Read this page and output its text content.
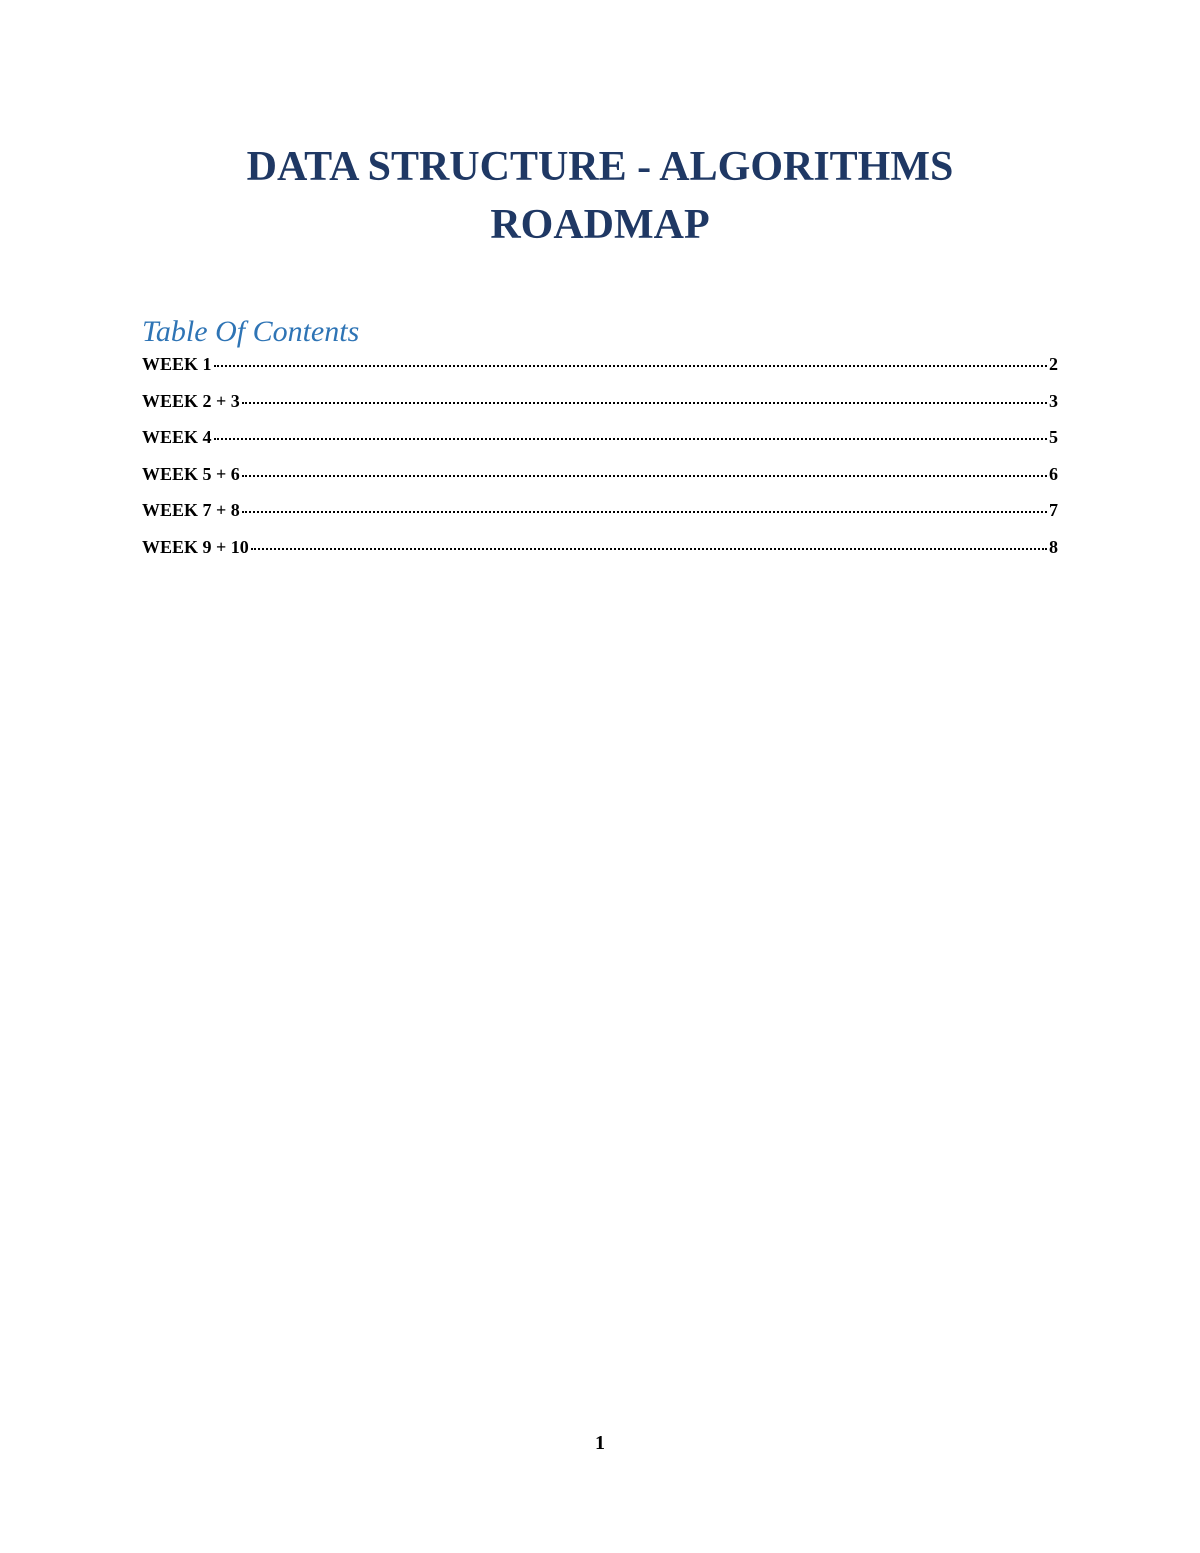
DATA STRUCTURE - ALGORITHMS
ROADMAP
Table Of Contents
WEEK 1	2
WEEK 2 + 3	3
WEEK 4	5
WEEK 5 + 6	6
WEEK 7 + 8	7
WEEK 9 + 10	8
1
